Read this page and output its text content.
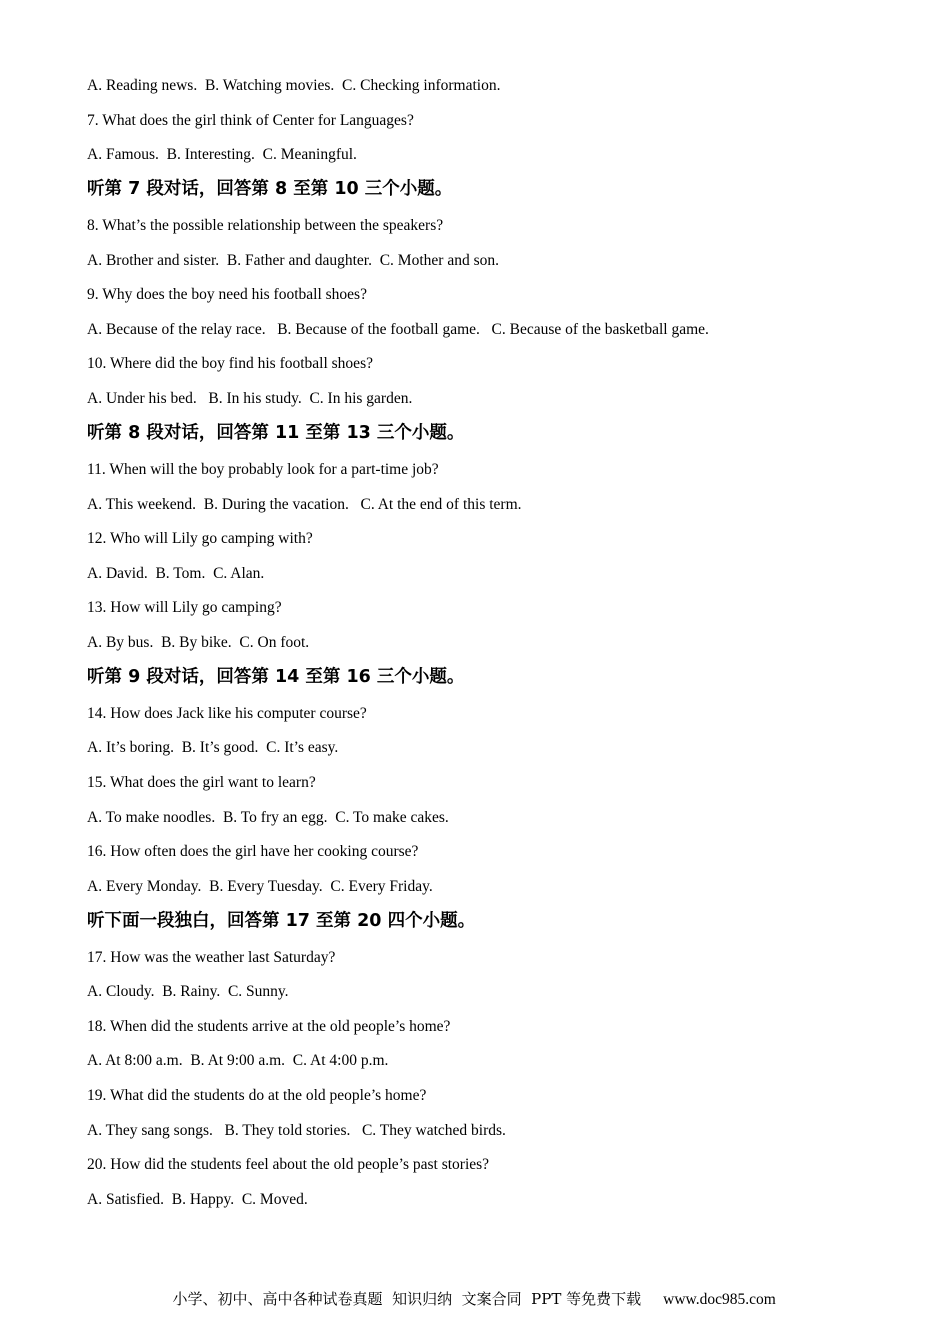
A. Reading news.  B. Watching movies.  C. Checking information.
7. What does the girl think of Center for Languages?
A. Famous.  B. Interesting.  C. Meaningful.
听第 7 段对话，回答第 8 至第 10 三个小题。
8. What’s the possible relationship between the speakers?
A. Brother and sister.  B. Father and daughter.  C. Mother and son.
9. Why does the boy need his football shoes?
A. Because of the relay race.   B. Because of the football game.   C. Because of the basketball game.
10. Where did the boy find his football shoes?
A. Under his bed.   B. In his study.  C. In his garden.
听第 8 段对话，回答第 11 至第 13 三个小题。
11. When will the boy probably look for a part-time job?
A. This weekend.  B. During the vacation.   C. At the end of this term.
12. Who will Lily go camping with?
A. David.  B. Tom.  C. Alan.
13. How will Lily go camping?
A. By bus.  B. By bike.  C. On foot.
听第 9 段对话，回答第 14 至第 16 三个小题。
14. How does Jack like his computer course?
A. It’s boring.  B. It’s good.  C. It’s easy.
15. What does the girl want to learn?
A. To make noodles.  B. To fry an egg.  C. To make cakes.
16. How often does the girl have her cooking course?
A. Every Monday.  B. Every Tuesday.  C. Every Friday.
听下面一段独白，回答第 17 至第 20 四个小题。
17. How was the weather last Saturday?
A. Cloudy.  B. Rainy.  C. Sunny.
18. When did the students arrive at the old people’s home?
A. At 8:00 a.m.  B. At 9:00 a.m.  C. At 4:00 p.m.
19. What did the students do at the old people’s home?
A. They sang songs.   B. They told stories.   C. They watched birds.
20. How did the students feel about the old people’s past stories?
A. Satisfied.  B. Happy.  C. Moved.

小学、初中、高中各种试卷真题  知识归纳  文案合同  PPT 等免费下载 www.doc985.com
